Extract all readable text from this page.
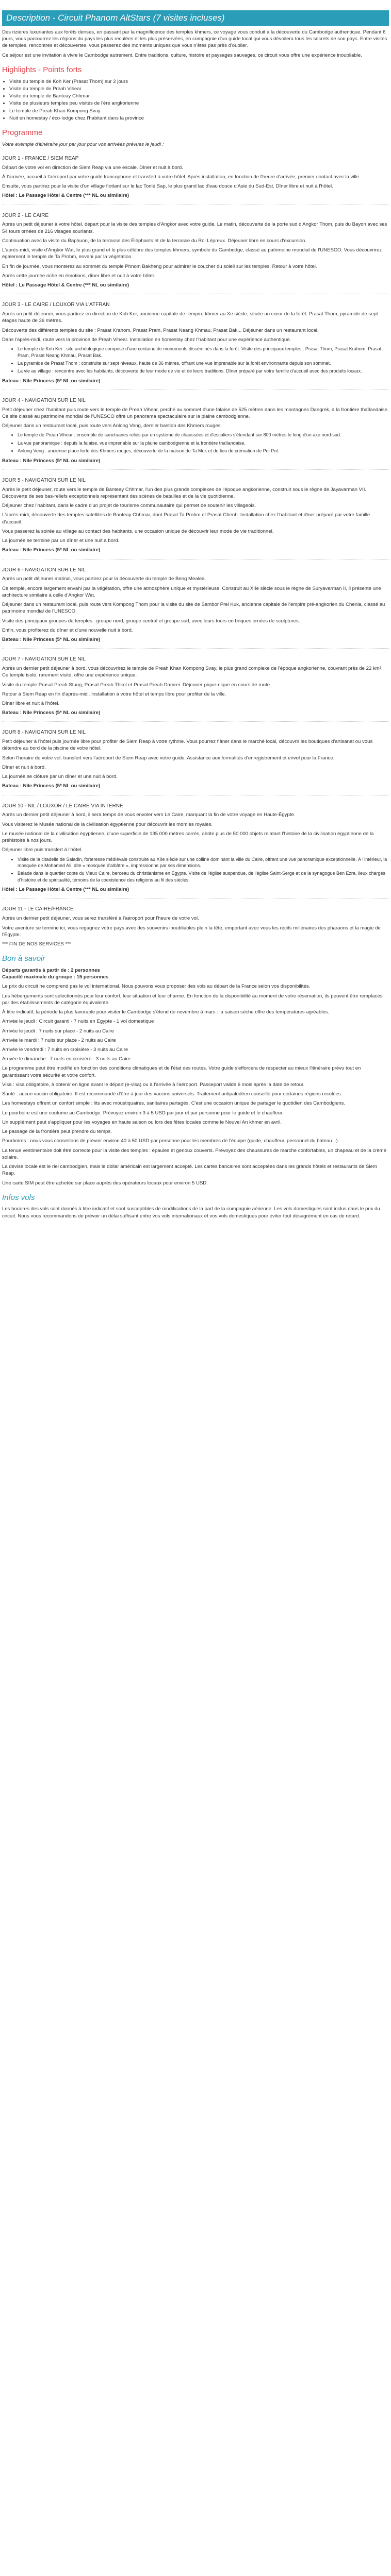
Description - Circuit Phanom AltStars (7 visites incluses)

Des rizières luxuriantes aux forêts denses, en passant par la magnificence des temples khmers, ce voyage vous conduit à la découverte du Cambodge authentique. Pendant 6 jours, vous parcourrez les régions du pays les plus reculées et les plus préservées, en compagnie d'un guide local qui vous dévoilera tous les secrets de son pays. Entre visites de temples, rencontres et découvertes, vous passerez des moments uniques que vous n'êtes pas près d'oublier.

Ce séjour est une invitation à vivre le Cambodge autrement. Entre traditions, culture, histoire et paysages sauvages, ce circuit vous offre une expérience inoubliable.

Highlights - Points forts
• Visite du temple de Koh Ker (Prasat Thom) sur 2 jours
• Visite du temple de Preah Vihear
• Visite du temple de Banteay Chhmar
• Visite de plusieurs temples peu visités de l'ère angkorienne
• Le temple de Preah Khan Kompong Svay
• Nuit en homestay / éco-lodge chez l'habitant dans la province
Programme

Votre exemple d'itinéraire jour par jour pour vos arrivées prévues le jeudi :

JOUR 1 - FRANCE / SIEM REAP

Départ de votre vol en direction de Siem Reap via une escale. Dîner et nuit à bord.

À l'arrivée, accueil à l'aéroport par votre guide francophone et transfert à votre hôtel. Après installation, en fonction de l'heure d'arrivée, premier contact avec la ville.

Ensuite, vous partirez pour la visite d'un village flottant sur le lac Tonlé Sap, le plus grand lac d'eau douce d'Asie du Sud-Est. Dîner libre et nuit à l'hôtel.

Hôtel : Le Passage Hôtel & Centre (*** NL ou similaire)

JOUR 2 - LE CAIRE

Après un petit déjeuner à votre hôtel, départ pour la visite des temples d'Angkor avec votre guide. Le matin, découverte de la porte sud d'Angkor Thom, puis du Bayon avec ses 54 tours ornées de 216 visages souriants.

Continuation avec la visite du Baphuon, de la terrasse des Éléphants et de la terrasse du Roi Lépreux. Déjeuner libre en cours d'excursion.

L'après-midi, visite d'Angkor Wat, le plus grand et le plus célèbre des temples khmers, symbole du Cambodge, classé au patrimoine mondial de l'UNESCO. Vous découvrirez également le temple de Ta Prohm, envahi par la végétation.

En fin de journée, vous monterez au sommet du temple Phnom Bakheng pour admirer le coucher du soleil sur les temples. Retour à votre hôtel.

Après cette journée riche en émotions, dîner libre et nuit à votre hôtel.

Hôtel : Le Passage Hôtel & Centre (*** NL ou similaire)

JOUR 3 - LE CAIRE / LOUXOR VIA L'ATFRAN

Après un petit déjeuner, vous partirez en direction de Koh Ker, ancienne capitale de l'empire khmer au Xe siècle, située au cœur de la forêt. Prasat Thom, pyramide de sept étages haute de 36 mètres.

Découverte des différents temples du site : Prasat Krahom, Prasat Pram, Prasat Neang Khmau, Prasat Bak... Déjeuner dans un restaurant local.

Dans l'après-midi, route vers la province de Preah Vihear. Installation en homestay chez l'habitant pour une expérience authentique.

• Le temple de Koh Ker : site archéologique composé d'une centaine de monuments disséminés dans la forêt. Visite des principaux temples : Prasat Thom, Prasat Krahom, Prasat Pram, Prasat Neang Khmau, Prasat Bak.
• La pyramide de Prasat Thom : construite sur sept niveaux, haute de 36 mètres, offrant une vue imprenable sur la forêt environnante depuis son sommet.
• La vie au village : rencontre avec les habitants, découverte de leur mode de vie et de leurs traditions. Dîner préparé par votre famille d'accueil avec des produits locaux.

Bateau : Nile Princess (5* NL ou similaire)

JOUR 4 - NAVIGATION SUR LE NIL

Petit déjeuner chez l'habitant puis route vers le temple de Preah Vihear, perché au sommet d'une falaise de 525 mètres dans les montagnes Dangrek, à la frontière thaïlandaise. Ce site classé au patrimoine mondial de l'UNESCO offre un panorama spectaculaire sur la plaine cambodgienne.

Déjeuner dans un restaurant local, puis route vers Anlong Veng, dernier bastion des Khmers rouges.

• Le temple de Preah Vihear : ensemble de sanctuaires reliés par un système de chaussées et d'escaliers s'étendant sur 800 mètres le long d'un axe nord-sud.
• La vue panoramique : depuis la falaise, vue imprenable sur la plaine cambodgienne et la frontière thaïlandaise.
• Anlong Veng : ancienne place forte des Khmers rouges, découverte de la maison de Ta Mok et du lieu de crémation de Pol Pot.

Bateau : Nile Princess (5* NL ou similaire)

JOUR 5 - NAVIGATION SUR LE NIL

Après le petit déjeuner, route vers le temple de Banteay Chhmar, l'un des plus grands complexes de l'époque angkorienne, construit sous le règne de Jayavarman VII. Découverte de ses bas-reliefs exceptionnels représentant des scènes de batailles et de la vie quotidienne.

Déjeuner chez l'habitant, dans le cadre d'un projet de tourisme communautaire qui permet de soutenir les villageois.

L'après-midi, découverte des temples satellites de Banteay Chhmar, dont Prasat Ta Prohm et Prasat Chenh. Installation chez l'habitant et dîner préparé par votre famille d'accueil.

Vous passerez la soirée au village au contact des habitants, une occasion unique de découvrir leur mode de vie traditionnel.

La journée se termine par un dîner et une nuit à bord.

Bateau : Nile Princess (5* NL ou similaire)

JOUR 6 - NAVIGATION SUR LE NIL

Après un petit déjeuner matinal, vous partirez pour la découverte du temple de Beng Mealea.

Ce temple, encore largement envahi par la végétation, offre une atmosphère unique et mystérieuse. Construit au XIIe siècle sous le règne de Suryavarman II, il présente une architecture similaire à celle d'Angkor Wat.

Déjeuner dans un restaurant local, puis route vers Kompong Thom pour la visite du site de Sambor Prei Kuk, ancienne capitale de l'empire pré-angkorien du Chenla, classé au patrimoine mondial de l'UNESCO.

Visite des principaux groupes de temples : groupe nord, groupe central et groupe sud, avec leurs tours en briques ornées de sculptures.

Enfin, vous profiterez du dîner et d'une nouvelle nuit à bord.

Bateau : Nile Princess (5* NL ou similaire)

JOUR 7 - NAVIGATION SUR LE NIL

Après un dernier petit déjeuner à bord, vous découvrirez le temple de Preah Khan Kompong Svay, le plus grand complexe de l'époque angkorienne, couvrant près de 22 km². Ce temple isolé, rarement visité, offre une expérience unique.

Visite du temple Prasat Preah Stung, Prasat Preah Thkol et Prasat Preah Damrei. Déjeuner pique-nique en cours de route.

Retour à Siem Reap en fin d'après-midi. Installation à votre hôtel et temps libre pour profiter de la ville.

Dîner libre et nuit à l'hôtel.

Bateau : Nile Princess (5* NL ou similaire)

JOUR 8 - NAVIGATION SUR LE NIL

Petit déjeuner à l'hôtel puis journée libre pour profiter de Siem Reap à votre rythme. Vous pourrez flâner dans le marché local, découvrir les boutiques d'artisanat ou vous détendre au bord de la piscine de votre hôtel.

Selon l'horaire de votre vol, transfert vers l'aéroport de Siem Reap avec votre guide. Assistance aux formalités d'enregistrement et envol pour la France.

Dîner et nuit à bord.

La journée se clôture par un dîner et une nuit à bord.

Bateau : Nile Princess (5* NL ou similaire)

JOUR 10 - NIL / LOUXOR / LE CAIRE VIA INTERNE

Après un dernier petit déjeuner à bord, il sera temps de vous envoler vers Le Caire, marquant la fin de votre voyage en Haute-Égypte.

Vous visiterez le Musée national de la civilisation égyptienne pour découvrir les momies royales.

Le musée national de la civilisation égyptienne, d'une superficie de 135 000 mètres carrés, abrite plus de 50 000 objets relatant l'histoire de la civilisation égyptienne de la préhistoire à nos jours.

Déjeuner libre puis transfert à l'hôtel.

• Visite de la citadelle de Saladin, forteresse médiévale construite au XIIe siècle sur une colline dominant la ville du Caire, offrant une vue panoramique exceptionnelle. À l'intérieur, la mosquée de Mohamed Ali, dite « mosquée d'albâtre », impressionne par ses dimensions.
• Balade dans le quartier copte du Vieux Caire, berceau du christianisme en Égypte. Visite de l'église suspendue, de l'église Saint-Serge et de la synagogue Ben Ezra, lieux chargés d'histoire et de spiritualité, témoins de la coexistence des religions au fil des siècles.

Hôtel : Le Passage Hôtel & Centre (*** NL ou similaire)

JOUR 11 - LE CAIRE/FRANCE

Après un dernier petit déjeuner, vous serez transféré à l'aéroport pour l'heure de votre vol.

Votre aventure se termine ici, vous regagnez votre pays avec des souvenirs inoubliables plein la tête, emportant avec vous les récits millénaires des pharaons et la magie de l'Égypte.

*** FIN DE NOS SERVICES ***

Bon à savoir

Départs garantis à partir de : 2 personnes
Capacité maximale du groupe : 15 personnes

Le prix du circuit ne comprend pas le vol international. Nous pouvons vous proposer des vols au départ de la France selon vos disponibilités.

Les hébergements sont sélectionnés pour leur confort, leur situation et leur charme. En fonction de la disponibilité au moment de votre réservation, ils peuvent être remplacés par des établissements de catégorie équivalente.

À titre indicatif, la période la plus favorable pour visiter le Cambodge s'étend de novembre à mars : la saison sèche offre des températures agréables.

Arrivée le jeudi : Circuit garanti - 7 nuits en Egypte - 1 vol domestique

Arrivée le jeudi : 7 nuits sur place - 2 nuits au Caire

Arrivée le mardi : 7 nuits sur place - 2 nuits au Caire

Arrivée le vendredi : 7 nuits en croisière - 3 nuits au Caire

Arrivée le dimanche : 7 nuits en croisière - 3 nuits au Caire

Le programme peut être modifié en fonction des conditions climatiques et de l'état des routes. Votre guide s'efforcera de respecter au mieux l'itinéraire prévu tout en garantissant votre sécurité et votre confort.

Visa : visa obligatoire, à obtenir en ligne avant le départ (e-visa) ou à l'arrivée à l'aéroport. Passeport valide 6 mois après la date de retour.

Santé : aucun vaccin obligatoire. Il est recommandé d'être à jour des vaccins universels. Traitement antipaludéen conseillé pour certaines régions reculées.

Les homestays offrent un confort simple : lits avec moustiquaires, sanitaires partagés. C'est une occasion unique de partager le quotidien des Cambodgiens.

Le pourboire est une coutume au Cambodge. Prévoyez environ 3 à 5 USD par jour et par personne pour le guide et le chauffeur.

Un supplément peut s'appliquer pour les voyages en haute saison ou lors des fêtes locales comme le Nouvel An khmer en avril.

Le passage de la frontière peut prendre du temps.

Pourboires : nous vous conseillons de prévoir environ 40 à 50 USD par personne pour les membres de l'équipe (guide, chauffeur, personnel du bateau...).

La tenue vestimentaire doit être correcte pour la visite des temples : épaules et genoux couverts. Prévoyez des chaussures de marche confortables, un chapeau et de la crème solaire.

La devise locale est le riel cambodgien, mais le dollar américain est largement accepté. Les cartes bancaires sont acceptées dans les grands hôtels et restaurants de Siem Reap.

Une carte SIM peut être achetée sur place auprès des opérateurs locaux pour environ 5 USD.

Infos vols

Les horaires des vols sont donnés à titre indicatif et sont susceptibles de modifications de la part de la compagnie aérienne. Les vols domestiques sont inclus dans le prix du circuit. Nous vous recommandons de prévoir un délai suffisant entre vos vols internationaux et vos vols domestiques pour éviter tout désagrément en cas de retard.
